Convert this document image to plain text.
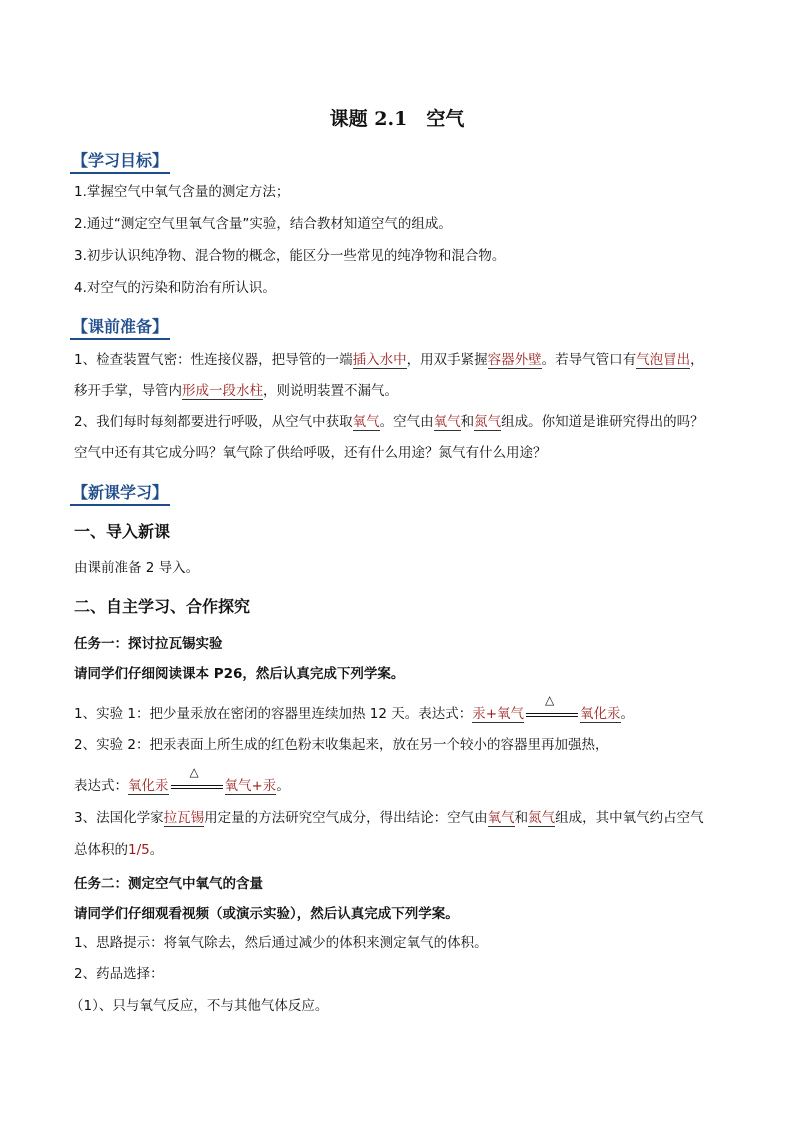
课题 2.1　空气
【学习目标】
1.掌握空气中氧气含量的测定方法；
2.通过“测定空气里氧气含量”实验，结合教材知道空气的组成。
3.初步认识纯净物、混合物的概念，能区分一些常见的纯净物和混合物。
4.对空气的污染和防治有所认识。
【课前准备】
1、检查装置气密：性连接仪器，把导管的一端插入水中，用双手紧握容器外壁。若导气管口有气泡冒出，
移开手掌，导管内形成一段水柱，则说明装置不漏气。
2、我们每时每刻都要进行呼吸，从空气中获取氧气。空气由氧气和氮气组成。你知道是谁研究得出的吗？
空气中还有其它成分吗？氧气除了供给呼吸，还有什么用途？氮气有什么用途？
【新课学习】
一、导入新课
由课前准备 2 导入。
二、自主学习、合作探究
任务一：探讨拉瓦锡实验
请同学们仔细阅读课本 P26，然后认真完成下列学案。
1、实验 1：把少量汞放在密闭的容器里连续加热 12 天。表达式：汞+氧气
△
氧化汞。
2、实验 2：把汞表面上所生成的红色粉末收集起来，放在另一个较小的容器里再加强热，
表达式：氧化汞
△
氧气+汞。
3、法国化学家拉瓦锡用定量的方法研究空气成分，得出结论：空气由氧气和氮气组成，其中氧气约占空气
总体积的1/5。
任务二：测定空气中氧气的含量
请同学们仔细观看视频（或演示实验），然后认真完成下列学案。
1、思路提示：将氧气除去，然后通过减少的体积来测定氧气的体积。
2、药品选择：
（1）、只与氧气反应，不与其他气体反应。
